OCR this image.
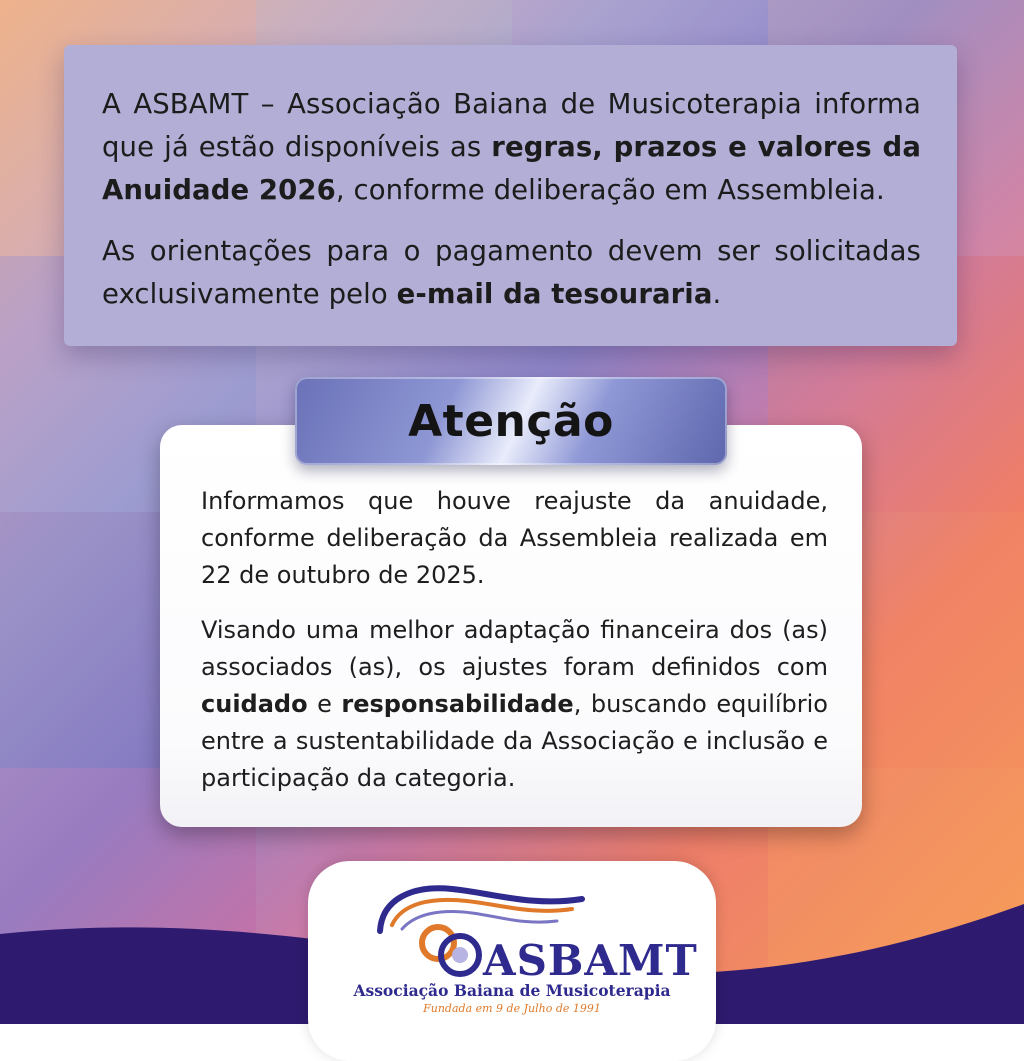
A ASBAMT – Associação Baiana de Musicoterapia informa que já estão disponíveis as regras, prazos e valores da Anuidade 2026, conforme deliberação em Assembleia.

As orientações para o pagamento devem ser solicitadas exclusivamente pelo e-mail da tesouraria.

Informamos que houve reajuste da anuidade, conforme deliberação da Assembleia realizada em 22 de outubro de 2025.

Visando uma melhor adaptação financeira dos (as) associados (as), os ajustes foram definidos com cuidado e responsabilidade, buscando equilíbrio entre a sustentabilidade da Associação e inclusão e participação da categoria.

Atenção
ASBAMT
Associação Baiana de Musicoterapia
Fundada em 9 de Julho de 1991
